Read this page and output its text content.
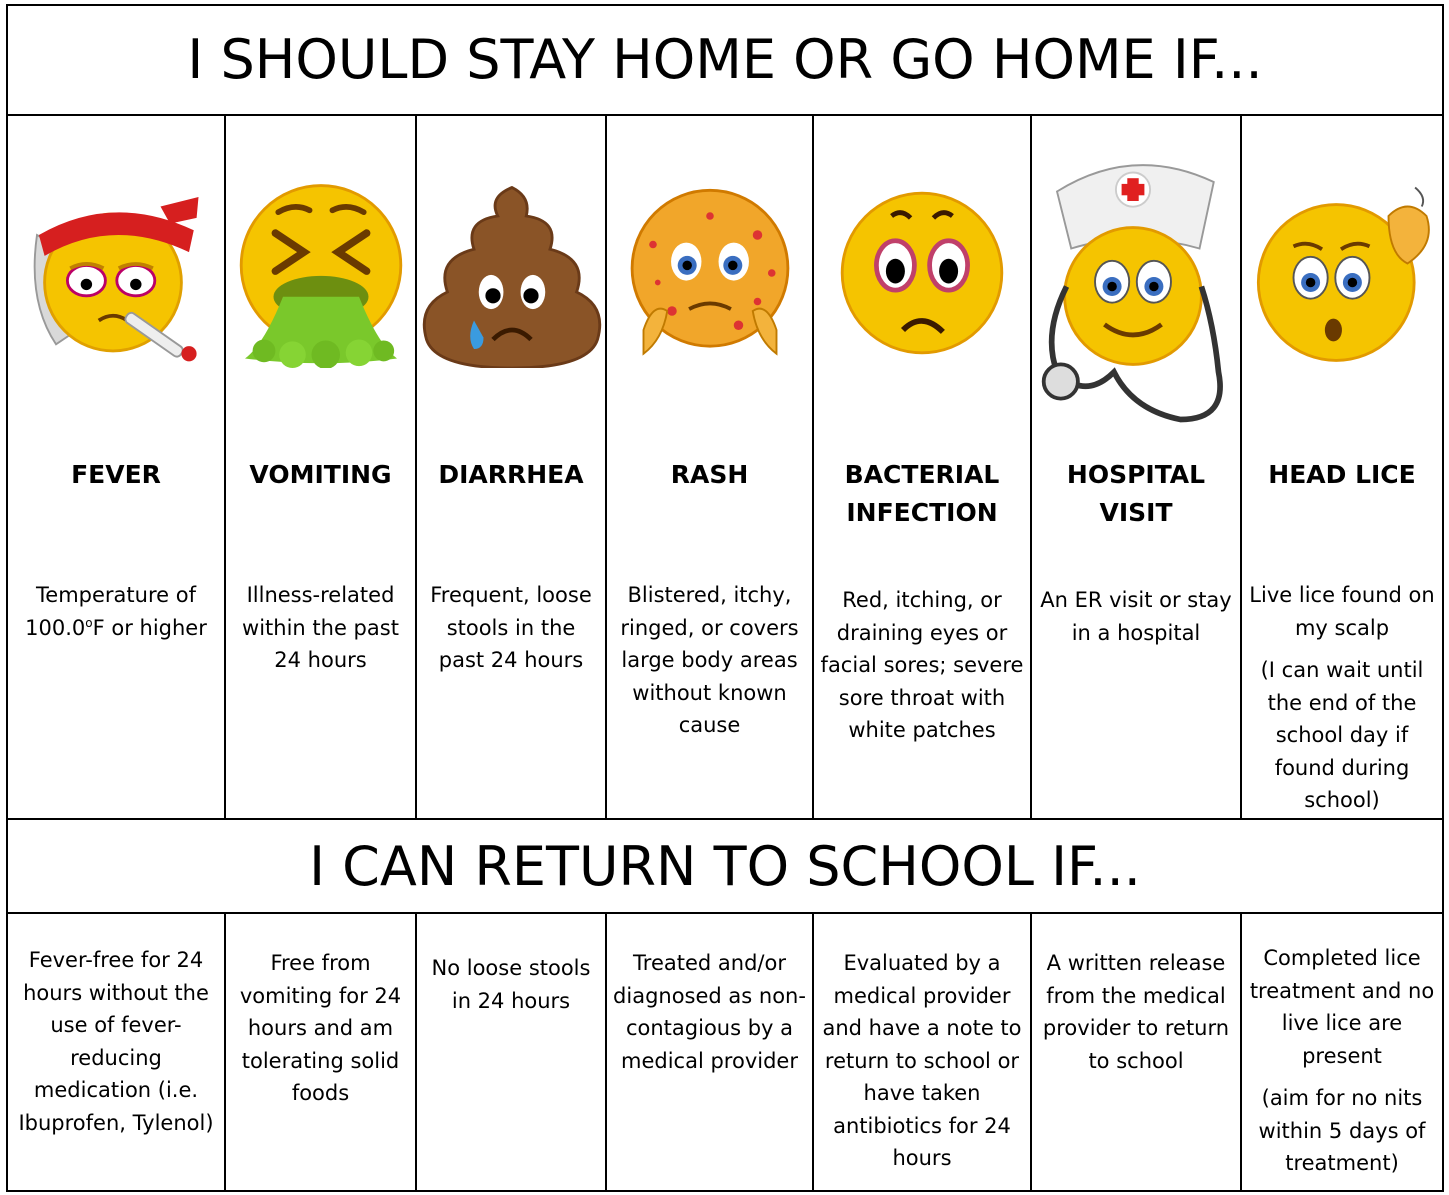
I SHOULD STAY HOME OR GO HOME IF...
I CAN RETURN TO SCHOOL IF...
FEVER
Temperature of 100.0$^o$F or higher
VOMITING
Illness-related within the past 24 hours
DIARRHEA
Frequent, loose stools in the past 24 hours
RASH
Blistered, itchy, ringed, or covers large body areas without known cause
BACTERIAL INFECTION
Red, itching, or draining eyes or facial sores; severe sore throat with white patches
HOSPITAL VISIT
An ER visit or stay in a hospital
HEAD LICE
Live lice found on my scalp
(I can wait until the end of the school day if found during school)
Fever-free for 24 hours without the use of fever-reducing medication (i.e. Ibuprofen, Tylenol)
Free from vomiting for 24 hours and am tolerating solid foods
No loose stools in 24 hours
Treated and/or diagnosed as non-contagious by a medical provider
Evaluated by a medical provider and have a note to return to school or have taken antibiotics for 24 hours
A written release from the medical provider to return to school
Completed lice treatment and no live lice are present
(aim for no nits within 5 days of treatment)
